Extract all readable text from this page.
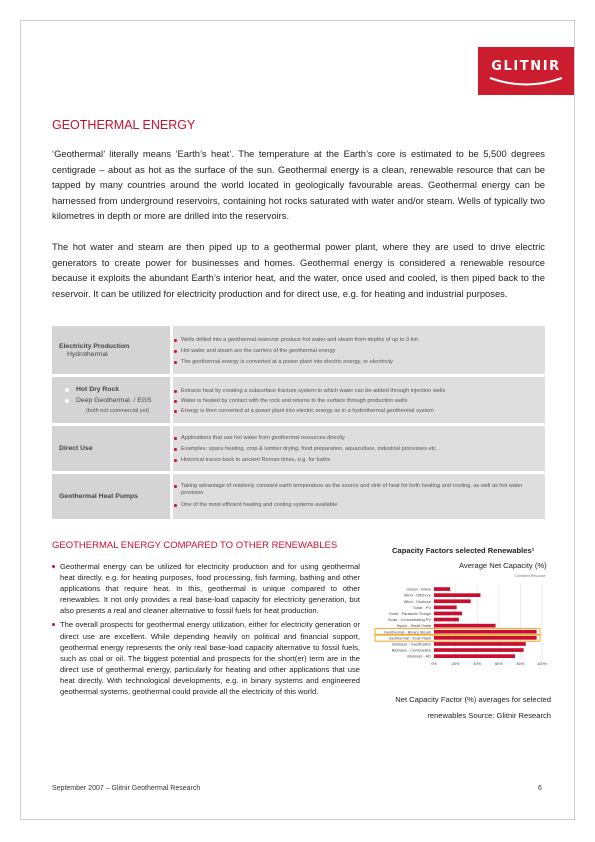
GLITNIR
GEOTHERMAL ENERGY

‘Geothermal’ literally means ‘Earth’s heat’. The temperature at the Earth’s core is estimated to be 5,500 degrees centigrade – about as hot as the surface of the sun. Geothermal energy is a clean, renewable resource that can be tapped by many countries around the world located in geologically favourable areas. Geothermal energy can be harnessed from underground reservoirs, containing hot rocks saturated with water and/or steam. Wells of typically two kilometres in depth or more are drilled into the reservoirs.

The hot water and steam are then piped up to a geothermal power plant, where they are used to drive electric generators to create power for businesses and homes. Geothermal energy is considered a renewable resource because it exploits the abundant Earth’s interior heat, and the water, once used and cooled, is then piped back to the reservoir. It can be utilized for electricity production and for direct use, e.g. for heating and industrial purposes.

Electricity Production
Hydrothermal
Wells drilled into a geothermal reservoir produce hot water and steam from depths of up to 3 km
Hot water and steam are the carriers of the geothermal energy
The geothermal energy is converted at a power plant into electric energy, or electricity
Hot Dry Rock
Deep Geothermal. / EGS
(both not commercial yet)
Extracts heat by creating a subsurface fracture system to which water can be added through injection wells
Water is heated by contact with the rock and returns to the surface through production wells
Energy is then converted at a power plant into electric energy as in a hydrothermal geothermal system
Direct Use
Applications that use hot water from geothermal resources directly
Examples: space heating, crop & lumber drying, food preparation, aquaculture, industrial processes etc.
Historical traces back to ancient Roman times, e.g. for baths
Geothermal Heat Pumps
Taking advantage of relatively constant earth temperature as the source and sink of heat for both heating and cooling, as well as hot water provision
One of the most efficient heating and cooling systems available
GEOTHERMAL ENERGY COMPARED TO OTHER RENEWABLES
Geothermal energy can be utilized for electricity production and for using geothermal heat directly, e.g. for heating purposes, food processing, fish farming, bathing and other applications that require heat. In this, geothermal is unique compared to other renewables. It not only provides a real base-load capacity for electricity generation, but also presents a real and cleaner alternative to fossil fuels for heat production.
The overall prospects for geothermal energy utilization, either for electricity generation or direct use are excellent. While depending heavily on political and financial support, geothermal energy represents the only real base-load capacity alternative to fossil fuels, such as coal or oil. The biggest potential and prospects for the short(er) term are in the direct use of geothermal energy, particularly for heating and other applications that use heat directly. With technological developments, e.g. in binary systems and engineered geothermal systems, geothermal could provide all the electricity of this world.
Capacity Factors selected Renewables¹
Average Net Capacity (%)
Ocean - Wave
Wind - Offshore
Wind - Onshore
Solar - PV
Solar - Parabolic Trough
Solar - Concentrating PV
Hydro - Small Scale
Geothermal - Binary Steam
Geothermal - Dual Flash
Biomass - Gasification
Biomass - Combustion
Biomass - AD
0%	20%	40%	60%	80%	100%
Combined Resource
Net Capacity Factor (%) averages for selected renewables Source: Glitnir Research
September 2007 – Glitnir Geothermal Research	6
